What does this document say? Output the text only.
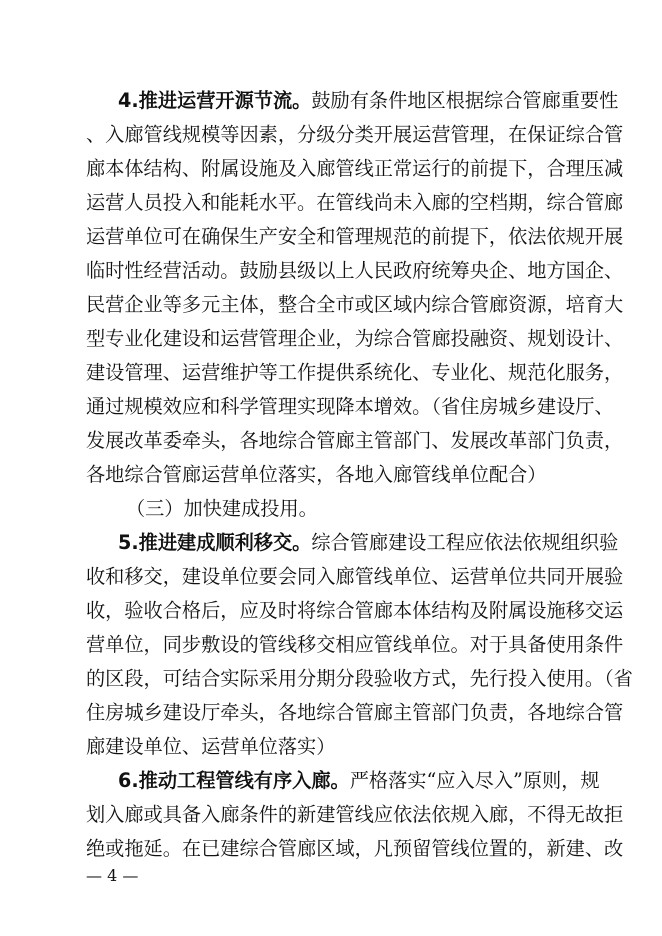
4.推进运营开源节流。鼓励有条件地区根据综合管廊重要性
、入廊管线规模等因素，分级分类开展运营管理，在保证综合管
廊本体结构、附属设施及入廊管线正常运行的前提下，合理压减
运营人员投入和能耗水平。在管线尚未入廊的空档期，综合管廊
运营单位可在确保生产安全和管理规范的前提下，依法依规开展
临时性经营活动。鼓励县级以上人民政府统筹央企、地方国企、
民营企业等多元主体，整合全市或区域内综合管廊资源，培育大
型专业化建设和运营管理企业，为综合管廊投融资、规划设计、
建设管理、运营维护等工作提供系统化、专业化、规范化服务，
通过规模效应和科学管理实现降本增效。（省住房城乡建设厅、
发展改革委牵头，各地综合管廊主管部门、发展改革部门负责，
各地综合管廊运营单位落实，各地入廊管线单位配合）
（三）加快建成投用。
5.推进建成顺利移交。综合管廊建设工程应依法依规组织验
收和移交，建设单位要会同入廊管线单位、运营单位共同开展验
收，验收合格后，应及时将综合管廊本体结构及附属设施移交运
营单位，同步敷设的管线移交相应管线单位。对于具备使用条件
的区段，可结合实际采用分期分段验收方式，先行投入使用。（省
住房城乡建设厅牵头，各地综合管廊主管部门负责，各地综合管
廊建设单位、运营单位落实）
6.推动工程管线有序入廊。严格落实“应入尽入”原则，规
划入廊或具备入廊条件的新建管线应依法依规入廊，不得无故拒
绝或拖延。在已建综合管廊区域，凡预留管线位置的，新建、改
— 4 —
